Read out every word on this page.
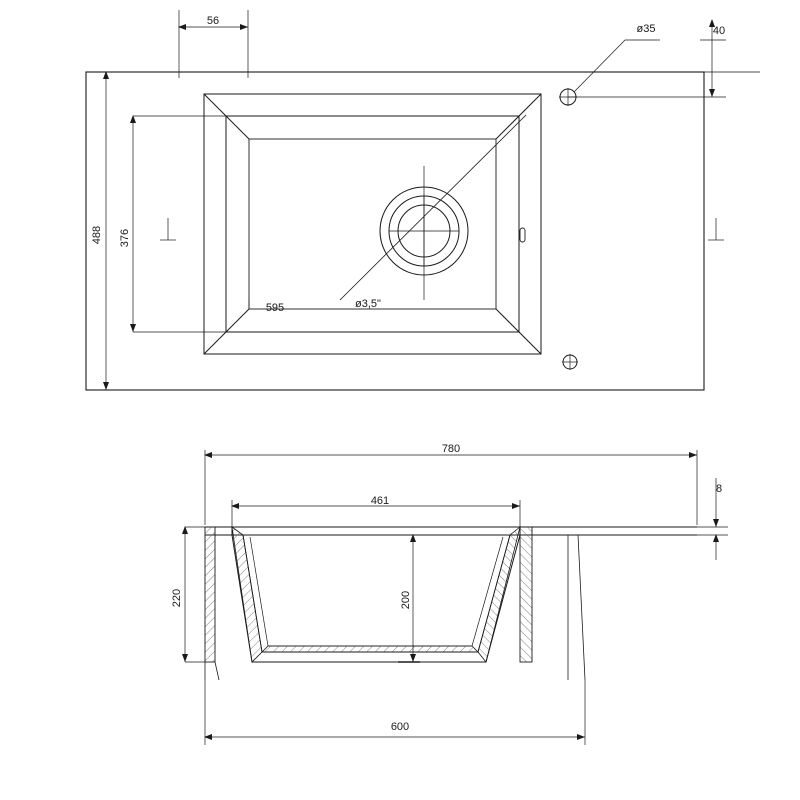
56
ø35	40
376
488
595	ø3,5"
780
8
461
200
220
600
